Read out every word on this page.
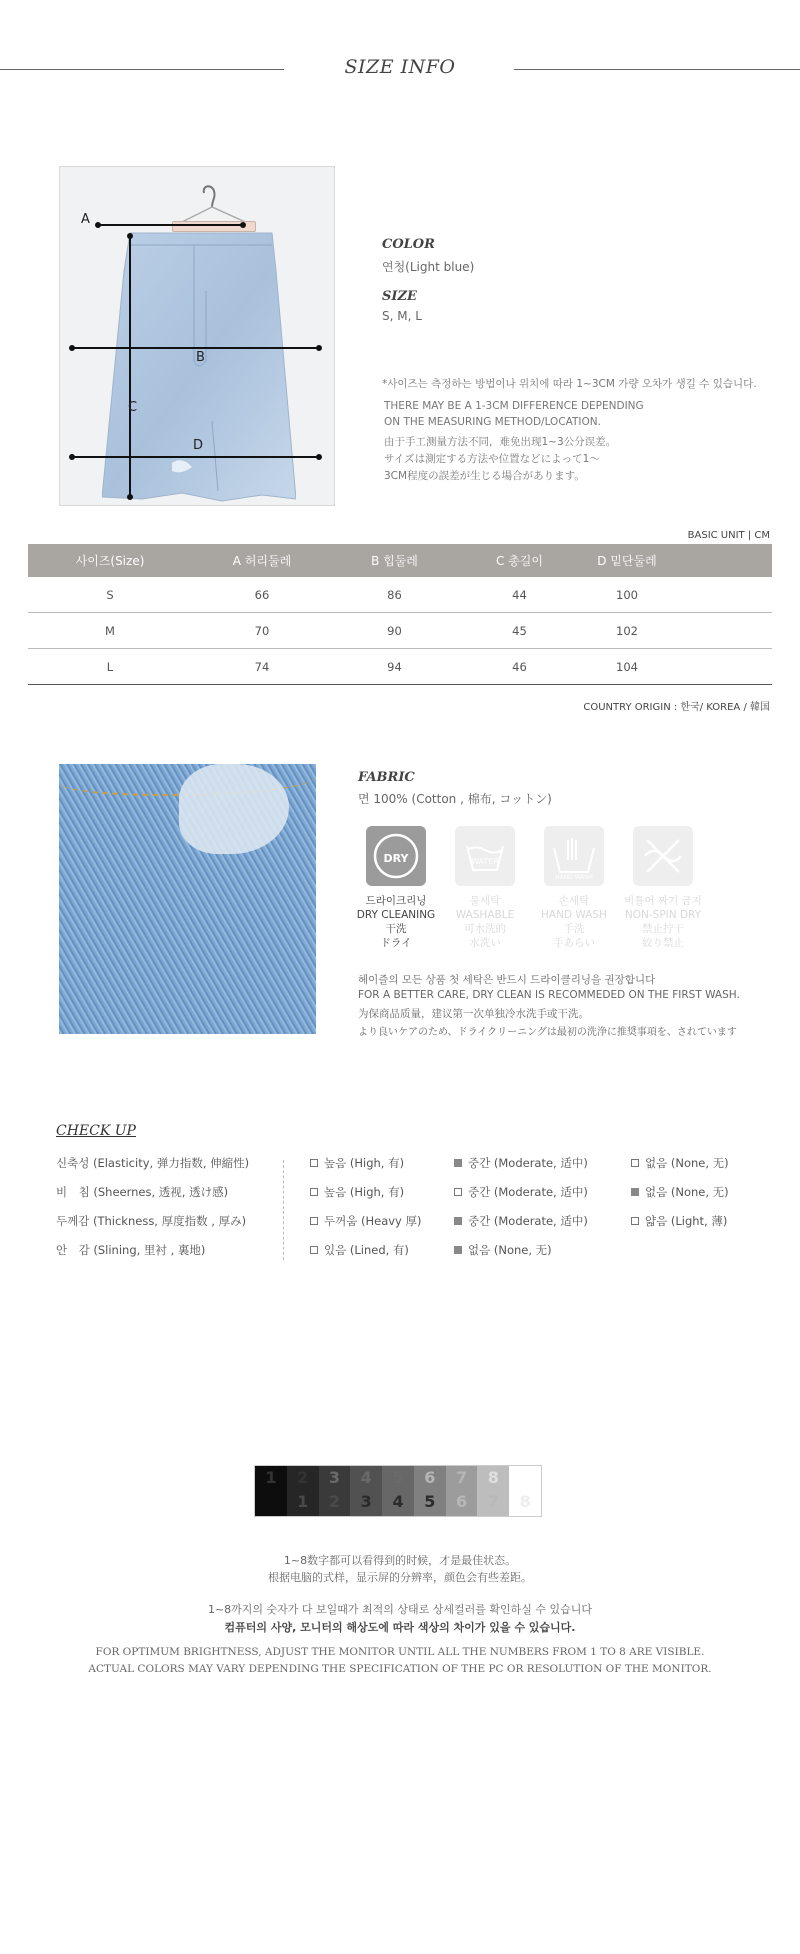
SIZE INFO
A
B
C
D
COLOR
연청(Light blue)
SIZE
S, M, L
*사이즈는 측정하는 방법이나 위치에 따라 1~3CM 가량 오차가 생길 수 있습니다.
THERE MAY BE A 1-3CM DIFFERENCE DEPENDING
ON THE MEASURING METHOD/LOCATION.
由于手工测量方法不同，难免出现1~3公分误差。
サイズは測定する方法や位置などによって1～
3CM程度の誤差が生じる場合があります。
BASIC UNIT | CM
사이즈(Size)	A 허리둘레	B 힙둘레	C 총길이	D 밑단둘레
S	66	86	44	100
M	70	90	45	102
L	74	94	46	104
COUNTRY ORIGIN : 한국/ KOREA / 韓国
FABRIC
면 100% (Cotton , 棉布, コットン)
DRY	WATER
HAND WASH
드라이크리닝
DRY CLEANING
干洗
ドライ
물세탁
WASHABLE
可水洗的
水洗い
손세탁
HAND WASH
手洗
手あらい
비틀어 짜기 금지
NON-SPIN DRY
禁止拧干
絞り禁止
헤이즐의 모든 상품 첫 세탁은 반드시 드라이클리닝을 권장합니다
FOR A BETTER CARE, DRY CLEAN IS RECOMMEDED ON THE FIRST WASH.
为保商品质量，建议第一次单独冷水洗手或干洗。
より良いケアのため、ドライクリーニングは最初の洗浄に推奨事項を、されています
CHECK UP
신축성 (Elasticity, 弹力指数, 伸縮性)	높음 (High, 有)	중간 (Moderate, 适中)	없음 (None, 无)
비　침 (Sheernes, 透视, 透け感)	높음 (High, 有)	중간 (Moderate, 适中)	없음 (None, 无)
두께감 (Thickness, 厚度指数 , 厚み)	두꺼움 (Heavy 厚)	중간 (Moderate, 适中)	얇음 (Light, 薄)
안　감 (Slining, 里衬 , 裏地)	있음 (Lined, 有)	없음 (None, 无)
1	2
1
3
2
4
3
5
4
6
5
7
6
8
7	8
1~8数字都可以看得到的时候，才是最佳状态。
根据电脑的式样，显示屏的分辨率，颜色会有些差距。
1~8까지의 숫자가 다 보일때가 최적의 상태로 상세컬러를 확인하실 수 있습니다
컴퓨터의 사양, 모니터의 해상도에 따라 색상의 차이가 있을 수 있습니다.
FOR OPTIMUM BRIGHTNESS, ADJUST THE MONITOR UNTIL ALL THE NUMBERS FROM 1 TO 8 ARE VISIBLE.
ACTUAL COLORS MAY VARY DEPENDING THE SPECIFICATION OF THE PC OR RESOLUTION OF THE MONITOR.
